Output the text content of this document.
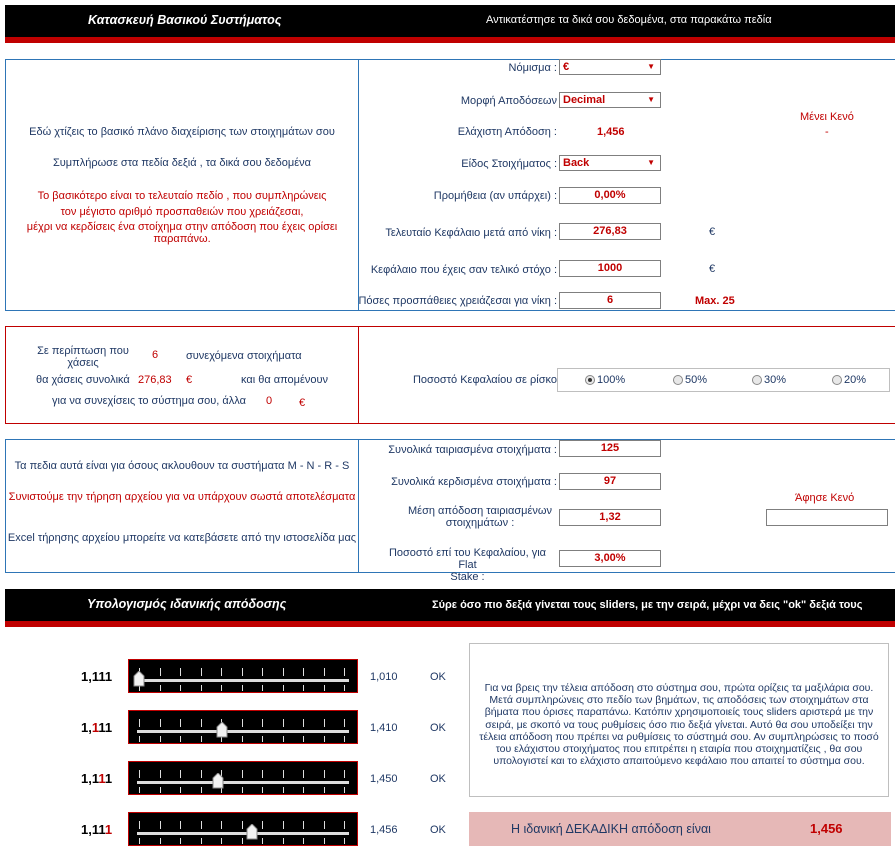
Κατασκευή Βασικού Συστήματος	Αντικατέστησε τα δικά σου δεδομένα, στα παρακάτω πεδία
Εδώ χτίζεις το βασικό πλάνο διαχείρισης των στοιχημάτων σου
Συμπλήρωσε στα πεδία δεξιά , τα δικά σου δεδομένα
Το βασικότερο είναι το τελευταίο πεδίο , που συμπληρώνεις
τον μέγιστο αριθμό προσπαθειών που χρειάζεσαι,
μέχρι να κερδίσεις ένα στοίχημα στην απόδοση που έχεις ορίσει
παραπάνω.
Νόμισμα : €	▼
Μορφή Αποδόσεων Decimal	▼
Ελάχιστη Απόδοση :	1,456
Μένει Κενό
-
Είδος Στοιχήματος : Back	▼
Προμήθεια (αν υπάρχει) :	0,00%
Τελευταίο Κεφάλαιο μετά από νίκη :	276,83	€
Κεφάλαιο που έχεις σαν τελικό στόχο :	1000	€
Πόσες προσπάθειες χρειάζεσαι για νίκη :	6	Max. 25
Σε περίπτωση που
χάσεις
6	συνεχόμενα στοιχήματα
θα χάσεις συνολικά 276,83 €	και θα απομένουν
για να συνεχίσεις το σύστημα σου, άλλα 0 €
Ποσοστό Κεφαλαίου σε ρίσκο	100%	50%	30%	20%
Τα πεδια αυτά είναι για όσους ακλουθουν τα συστήματα M - N - R - S
Συνιστούμε την τήρηση αρχείου για να υπάρχουν σωστά αποτελέσματα
Excel τήρησης αρχείου μπορείτε να κατεβάσετε από την ιστοσελίδα μας
Συνολικά ταιριασμένα στοιχήματα :	125
Συνολικά κερδισμένα στοιχήματα :	97
Μέση απόδοση ταιριασμένων
στοιχημάτων :	1,32
Άφησε Κενό
Ποσοστό επί του Κεφαλαίου, για Flat
Stake :
3,00%
Υπολογισμός ιδανικής απόδοσης	Σύρε όσο πιο δεξιά γίνεται τους sliders, με την σειρά, μέχρι να δεις "ok" δεξιά τους
1,111	1,010	OK
1,111	1,410	OK
1,111	1,450	OK
1,111	1,456	OK
Για να βρεις την τέλεια απόδοση στο σύστημα σου, πρώτα ορίζεις τα μαξιλάρια σου. Μετά συμπληρώνεις στο πεδίο των βημάτων, τις αποδόσεις των στοιχημάτων στα βήματα που όρισες παραπάνω. Κατόπιν χρησιμοποιείς τους sliders αριστερά με την σειρά, με σκοπό να τους ρυθμίσεις όσο πιο δεξιά γίνεται. Αυτό θα σου υποδείξει την τέλεια απόδοση που πρέπει να ρυθμίσεις το σύστημά σου. Αν συμπληρώσεις το ποσό του ελάχιστου στοιχήματος που επιτρέπει η εταιρία που στοιχηματίζεις , θα σου υπολογιστεί και το ελάχιστο απαιτούμενο κεφάλαιο που απαιτεί το σύστημα σου.
Η ιδανική ΔΕΚΑΔΙΚΗ απόδοση είναι	1,456
